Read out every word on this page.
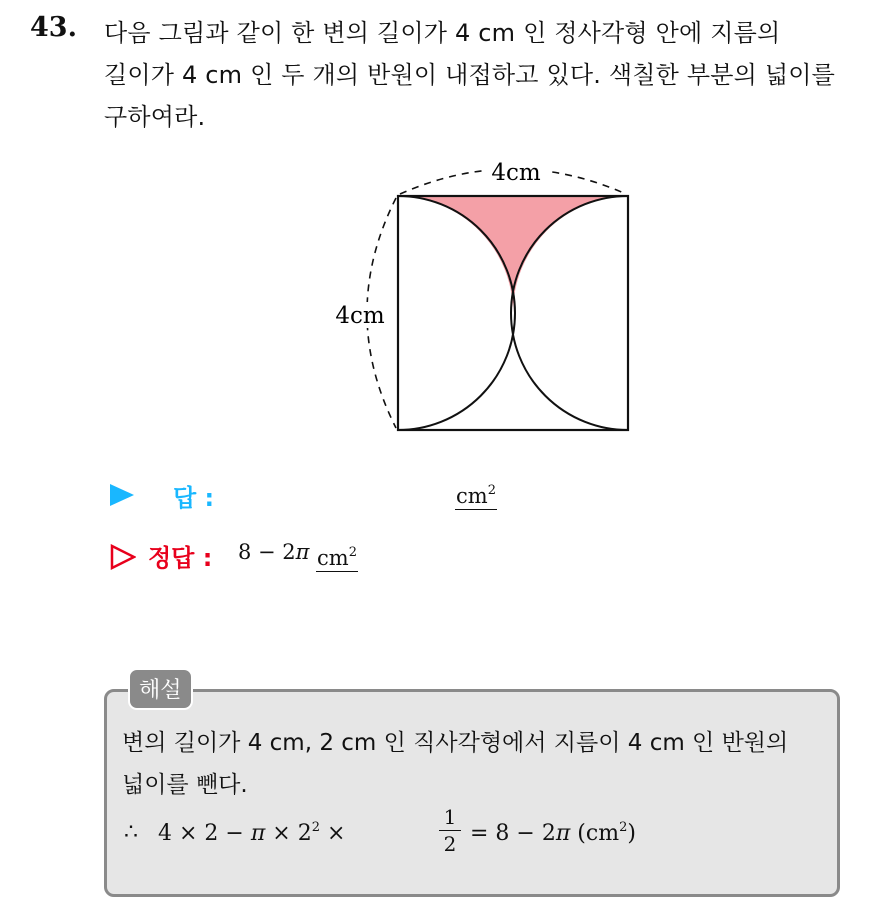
43. 다음 그림과 같이 한 변의 길이가 4 cm 인 정사각형 안에 지름의
길이가 4 cm 인 두 개의 반원이 내접하고 있다. 색칠한 부분의 넓이를
구하여라.
4cm
4cm
답 :	$cm^2$
정답 : 8 − 2π $cm^2$
해설
변의 길이가 4 cm, 2 cm 인 직사각형에서 지름이 4 cm 인 반원의
넓이를 뺀다.
∴ $4 \times 2 - \pi \times 2^2$ ×	$\frac{1}{2} = 8 - 2\pi$ $(cm^2)$
